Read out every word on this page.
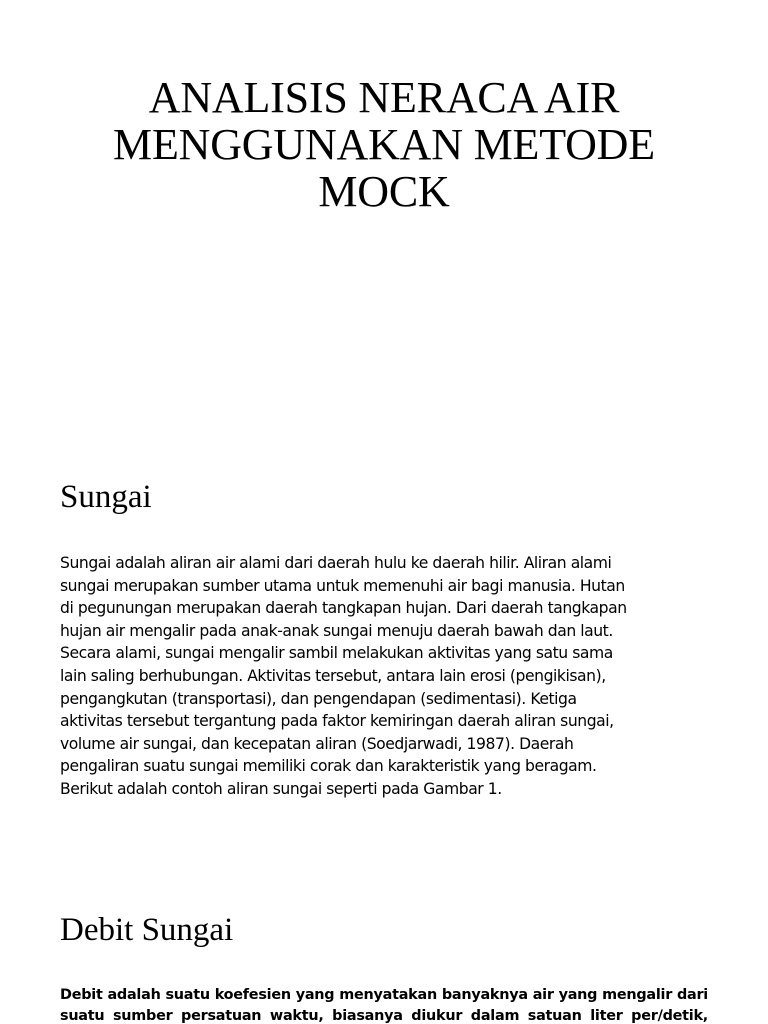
ANALISIS NERACA AIR
MENGGUNAKAN METODE
MOCK
Sungai
Sungai adalah aliran air alami dari daerah hulu ke daerah hilir. Aliran alami
sungai merupakan sumber utama untuk memenuhi air bagi manusia. Hutan
di pegunungan merupakan daerah tangkapan hujan. Dari daerah tangkapan
hujan air mengalir pada anak-anak sungai menuju daerah bawah dan laut.
Secara alami, sungai mengalir sambil melakukan aktivitas yang satu sama
lain saling berhubungan. Aktivitas tersebut, antara lain erosi (pengikisan),
pengangkutan (transportasi), dan pengendapan (sedimentasi). Ketiga
aktivitas tersebut tergantung pada faktor kemiringan daerah aliran sungai,
volume air sungai, dan kecepatan aliran (Soedjarwadi, 1987). Daerah
pengaliran suatu sungai memiliki corak dan karakteristik yang beragam.
Berikut adalah contoh aliran sungai seperti pada Gambar 1.
Debit Sungai
Debit adalah suatu koefesien yang menyatakan banyaknya air yang mengalir dari
suatu sumber persatuan waktu, biasanya diukur dalam satuan liter per/detik,
